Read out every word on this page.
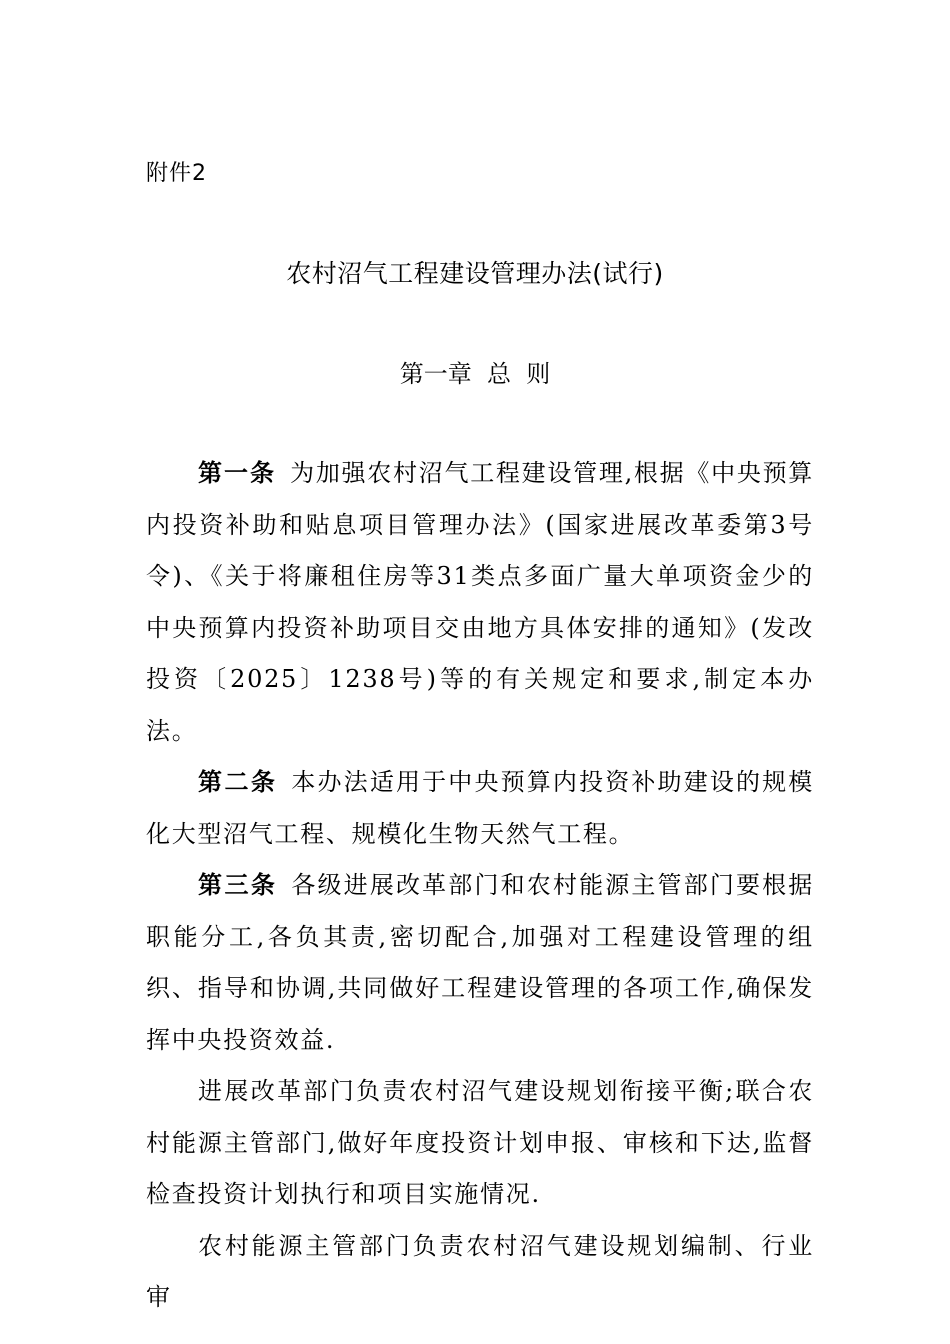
附件2
农村沼气工程建设管理办法(试行)
第一章  总  则

第一条 为加强农村沼气工程建设管理,根据《中央预算内投资补助和贴息项目管理办法》(国家进展改革委第3号令)、《关于将廉租住房等31类点多面广量大单项资金少的中央预算内投资补助项目交由地方具体安排的通知》(发改投资〔2025〕1238号)等的有关规定和要求,制定本办法。

第二条 本办法适用于中央预算内投资补助建设的规模化大型沼气工程、规模化生物天然气工程。

第三条 各级进展改革部门和农村能源主管部门要根据职能分工,各负其责,密切配合,加强对工程建设管理的组织、指导和协调,共同做好工程建设管理的各项工作,确保发挥中央投资效益.

进展改革部门负责农村沼气建设规划衔接平衡;联合农村能源主管部门,做好年度投资计划申报、审核和下达,监督检查投资计划执行和项目实施情况.

农村能源主管部门负责农村沼气建设规划编制、行业审
